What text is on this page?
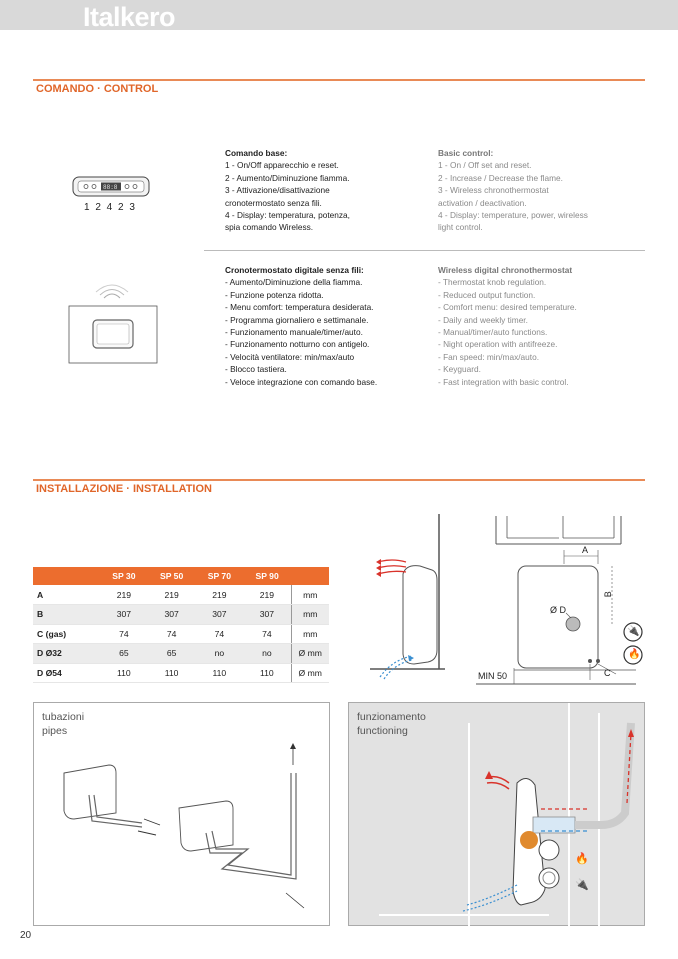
Italkero
COMANDO · CONTROL
88:8
1 2 4 2 3
Comando base:
1 - On/Off apparecchio e reset.
2 - Aumento/Diminuzione fiamma.
3 - Attivazione/disattivazione
cronotermostato senza fili.
4 - Display: temperatura, potenza,
spia comando Wireless.
Basic control:
1 - On / Off set and reset.
2 - Increase / Decrease the flame.
3 - Wireless chronothermostat
activation / deactivation.
4 - Display: temperature, power, wireless
light control.
Cronotermostato digitale senza fili:
- Aumento/Diminuzione della fiamma.
- Funzione potenza ridotta.
- Menu comfort: temperatura desiderata.
- Programma giornaliero e settimanale.
- Funzionamento manuale/timer/auto.
- Funzionamento notturno con antigelo.
- Velocità ventilatore: min/max/auto
- Blocco tastiera.
- Veloce integrazione con comando base.
Wireless digital chronothermostat
- Thermostat knob regulation.
- Reduced output function.
- Comfort menu: desired temperature.
- Daily and weekly timer.
- Manual/timer/auto functions.
- Night operation with antifreeze.
- Fan speed: min/max/auto.
- Keyguard.
- Fast integration with basic control.
INSTALLAZIONE · INSTALLATION
	SP 30	SP 50	SP 70	SP 90	
A	219	219	219	219	mm
B	307	307	307	307	mm
C (gas)	74	74	74	74	mm
D Ø32	65	65	no	no	Ø mm
D Ø54	110	110	110	110	Ø mm
A
B
Ø D
MIN 50	C
🔌
🔥
tubazioni
pipes
funzionamento
functioning
🔥
🔌
20
